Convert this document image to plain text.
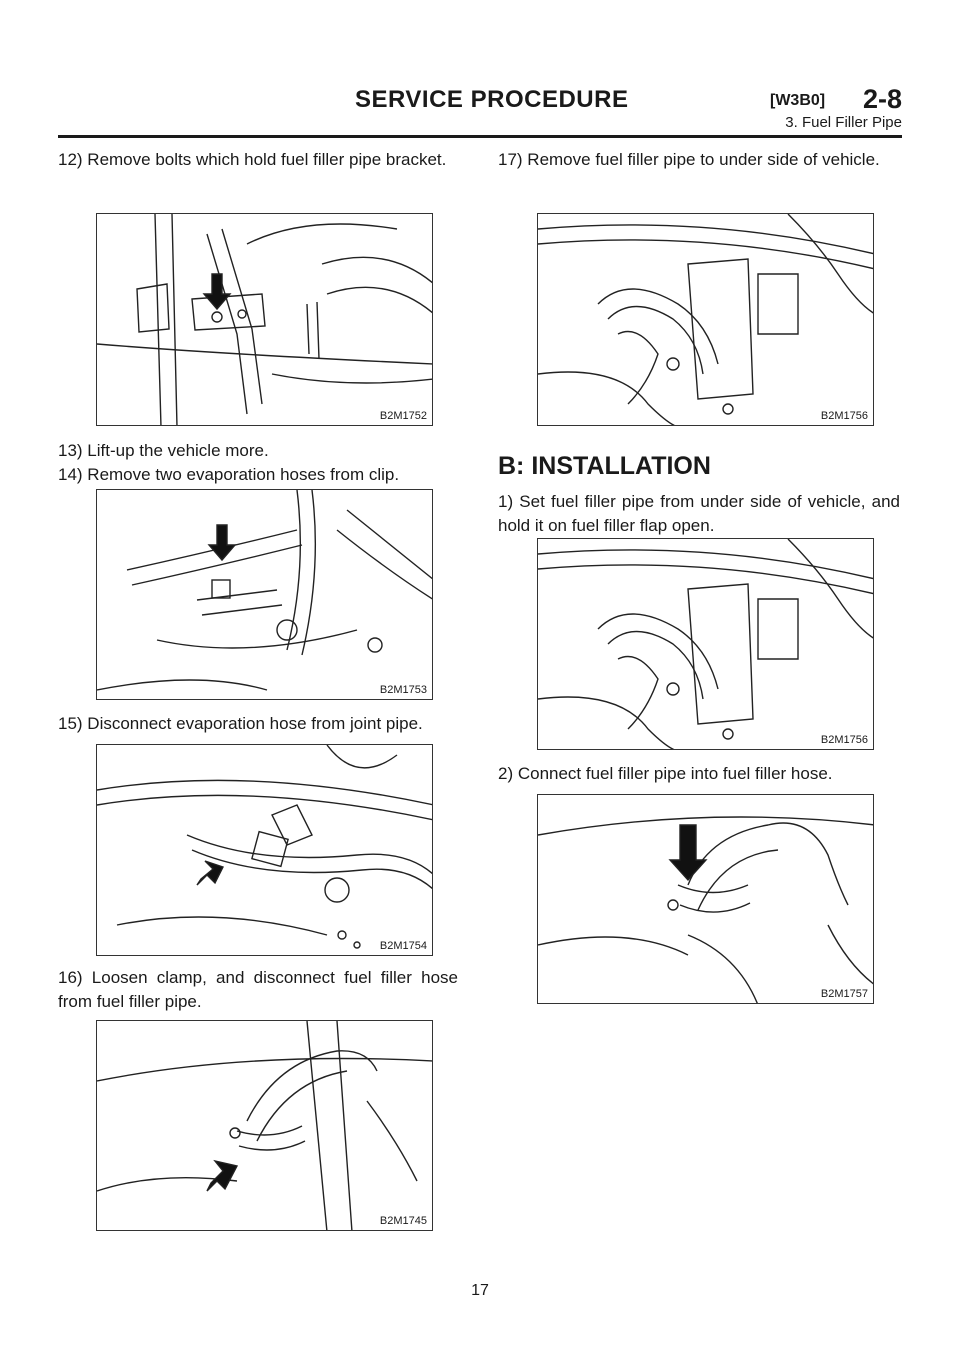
SERVICE PROCEDURE	[W3B0] 2-8
3. Fuel Filler Pipe
12) Remove bolts which hold fuel filler pipe bracket.
B2M1752
13) Lift-up the vehicle more.
14) Remove two evaporation hoses from clip.
B2M1753
15) Disconnect evaporation hose from joint pipe.
B2M1754
16) Loosen clamp, and disconnect fuel filler hose from fuel filler pipe.
B2M1745
17) Remove fuel filler pipe to under side of vehicle.
B2M1756
B: INSTALLATION
1) Set fuel filler pipe from under side of vehicle, and hold it on fuel filler flap open.
B2M1756
2) Connect fuel filler pipe into fuel filler hose.
B2M1757
17
